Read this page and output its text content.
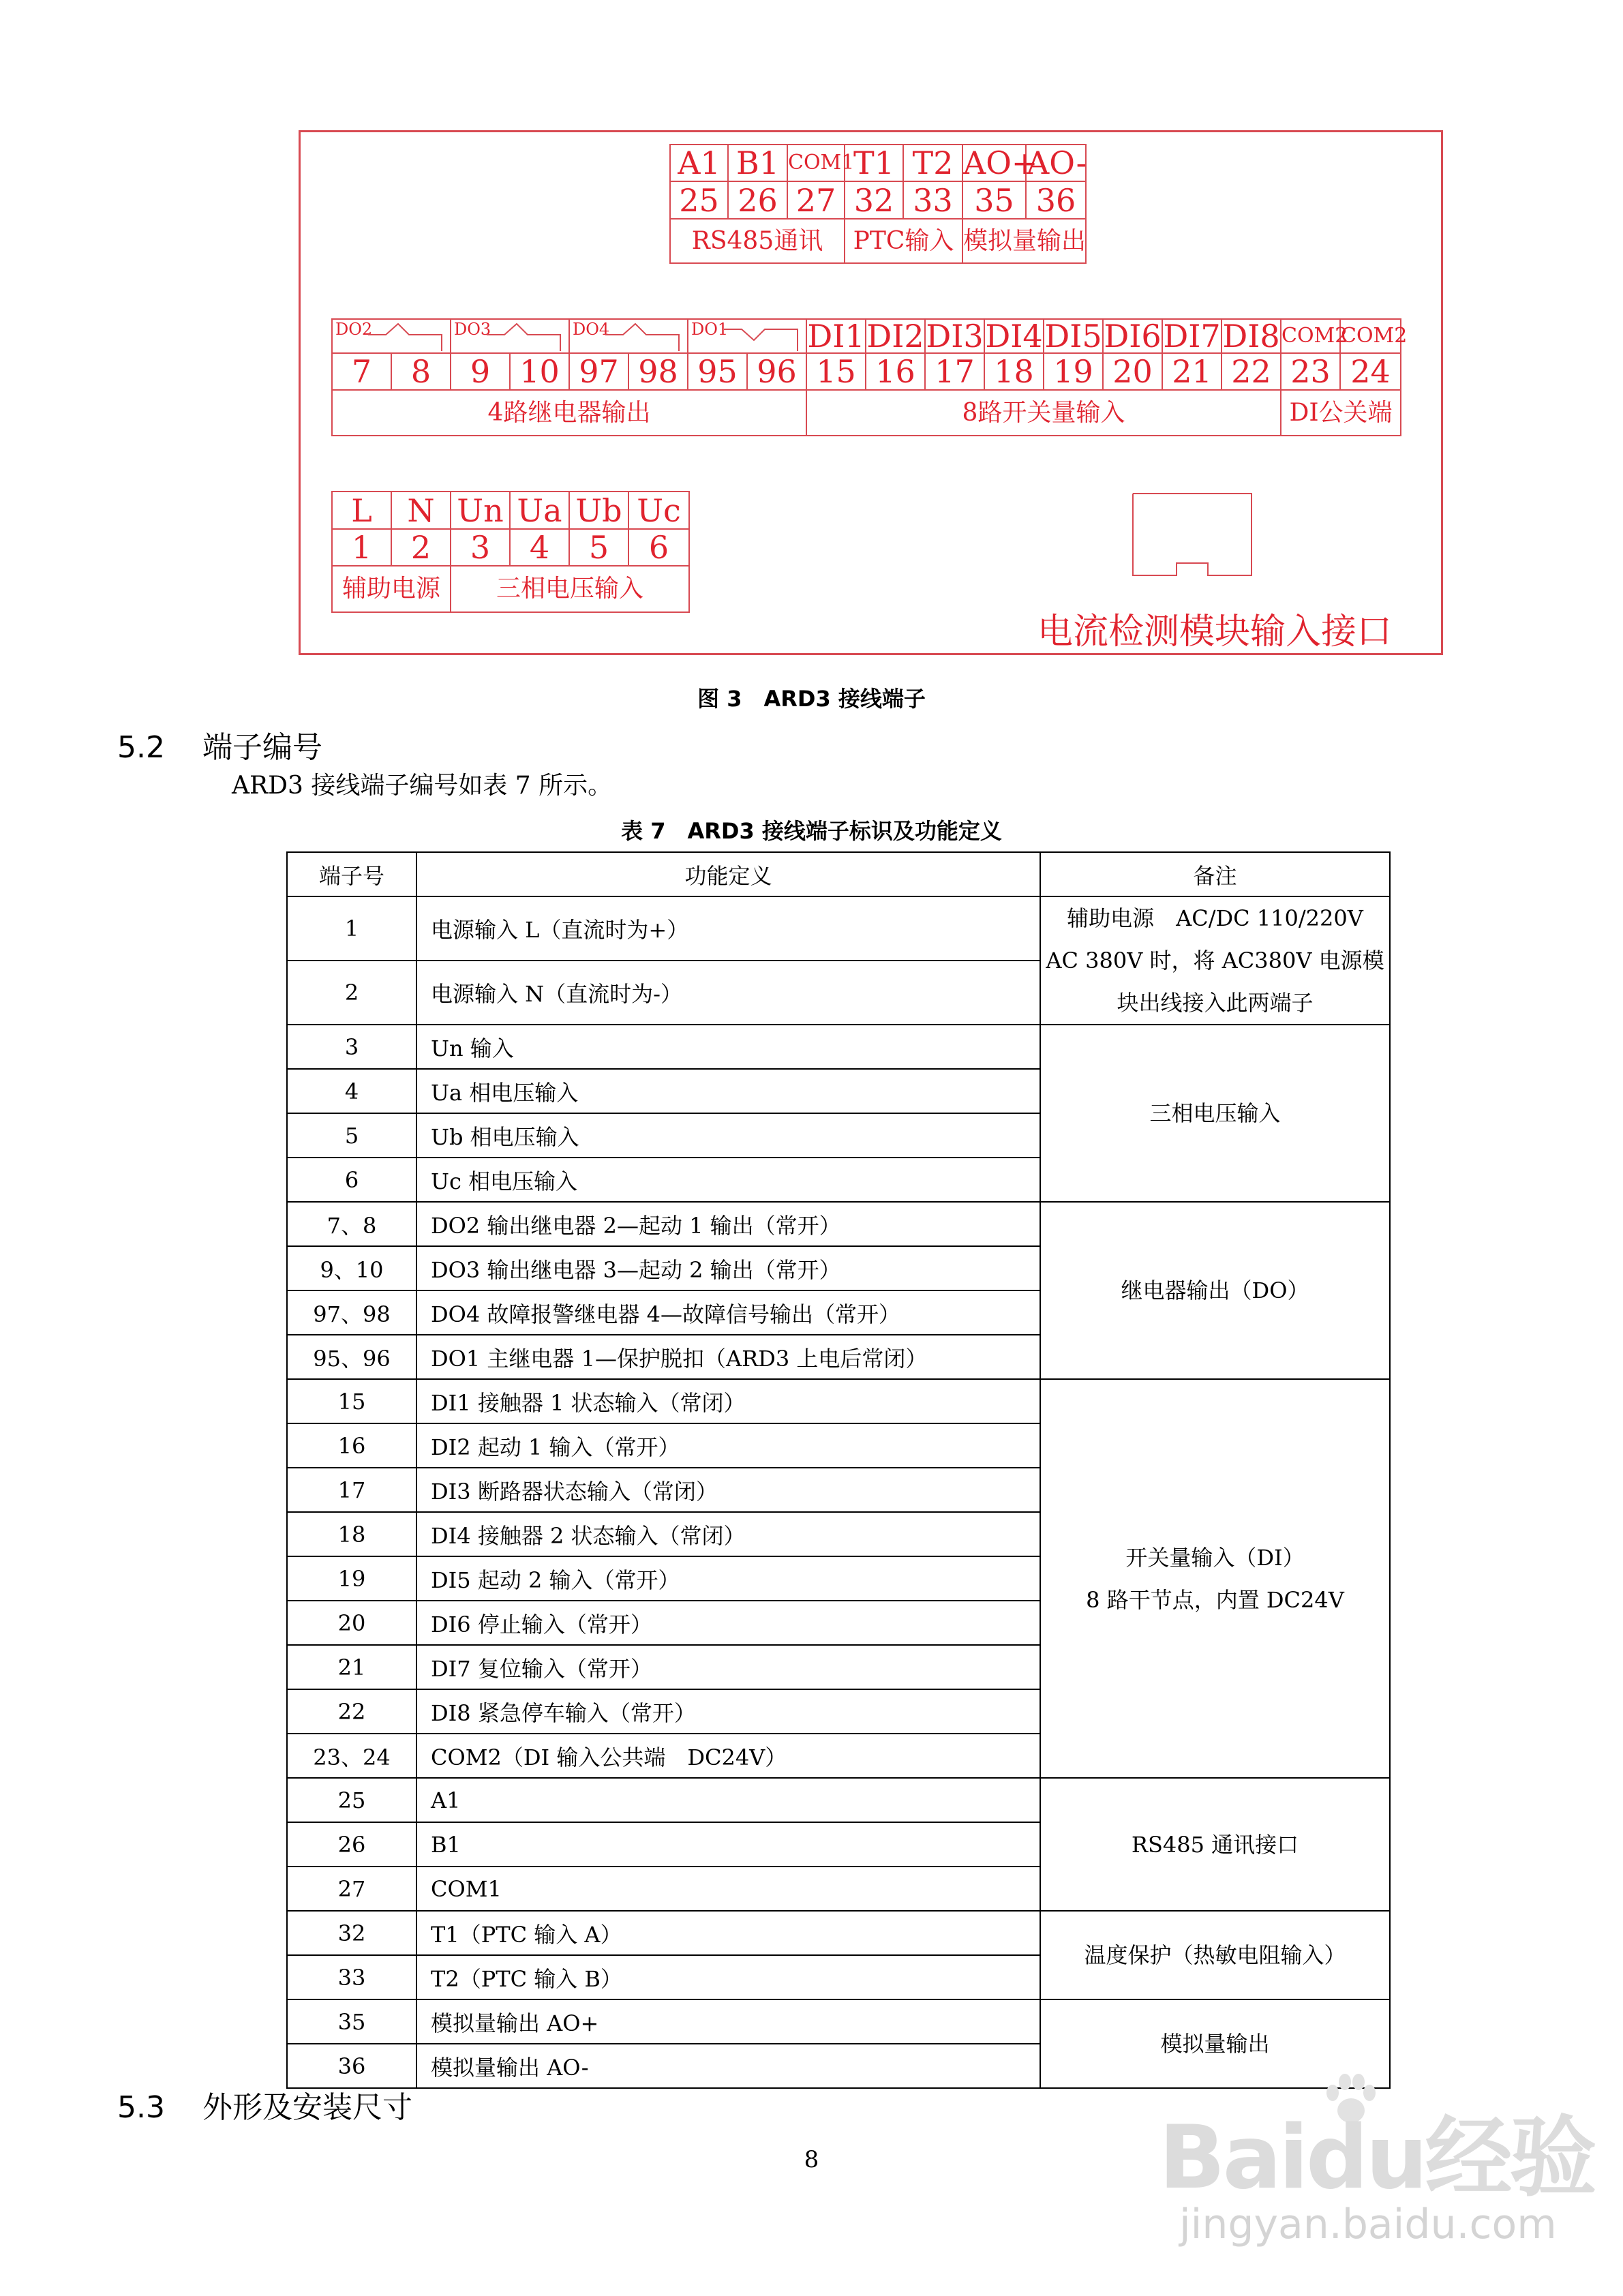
A1	B1	COM1	T1	T2	AO+	AO-
25	26	27	32	33	35	36
RS485通讯			PTC输入		模拟量输出	
DO2		DO3		DO4		DO1		DI1	DI2	DI3	DI4	DI5	DI6	DI7	DI8	COM2	COM2
7	8	9	10	97	98	95	96	15	16	17	18	19	20	21	22	23	24
4路继电器输出								8路开关量输入								DI公关端	
L	N	Un	Ua	Ub	Uc
1	2	3	4	5	6
辅助电源		三相电压输入			
电流检测模块输入接口
图 3　ARD3 接线端子
5.2 端子编号
ARD3 接线端子编号如表 7 所示。
表 7　ARD3 接线端子标识及功能定义
端子号	功能定义	备注
1	电源输入 L（直流时为+）	辅助电源　AC/DC 110/220V
AC 380V 时，将 AC380V 电源模
块出线接入此两端子

2	电源输入 N（直流时为-）	
3	Un 输入	三相电压输入
4	Ua 相电压输入	
5	Ub 相电压输入	
6	Uc 相电压输入	
7、8	DO2 输出继电器 2—起动 1 输出（常开）	继电器输出（DO）
9、10	DO3 输出继电器 3—起动 2 输出（常开）	
97、98	DO4 故障报警继电器 4—故障信号输出（常开）	
95、96	DO1 主继电器 1—保护脱扣（ARD3 上电后常闭）	
15	DI1 接触器 1 状态输入（常闭）	开关量输入（DI）
8 路干节点，内置 DC24V

16	DI2 起动 1 输入（常开）	
17	DI3 断路器状态输入（常闭）	
18	DI4 接触器 2 状态输入（常闭）	
19	DI5 起动 2 输入（常开）	
20	DI6 停止输入（常开）	
21	DI7 复位输入（常开）	
22	DI8 紧急停车输入（常开）	
23、24	COM2（DI 输入公共端　DC24V）	
25	A1	RS485 通讯接口
26	B1	
27	COM1	
32	T1（PTC 输入 A）	温度保护（热敏电阻输入）
33	T2（PTC 输入 B）	
35	模拟量输出 AO+	模拟量输出
36	模拟量输出 AO-	
5.3 外形及安装尺寸
8	Baidu经验
jingyan.baidu.com
